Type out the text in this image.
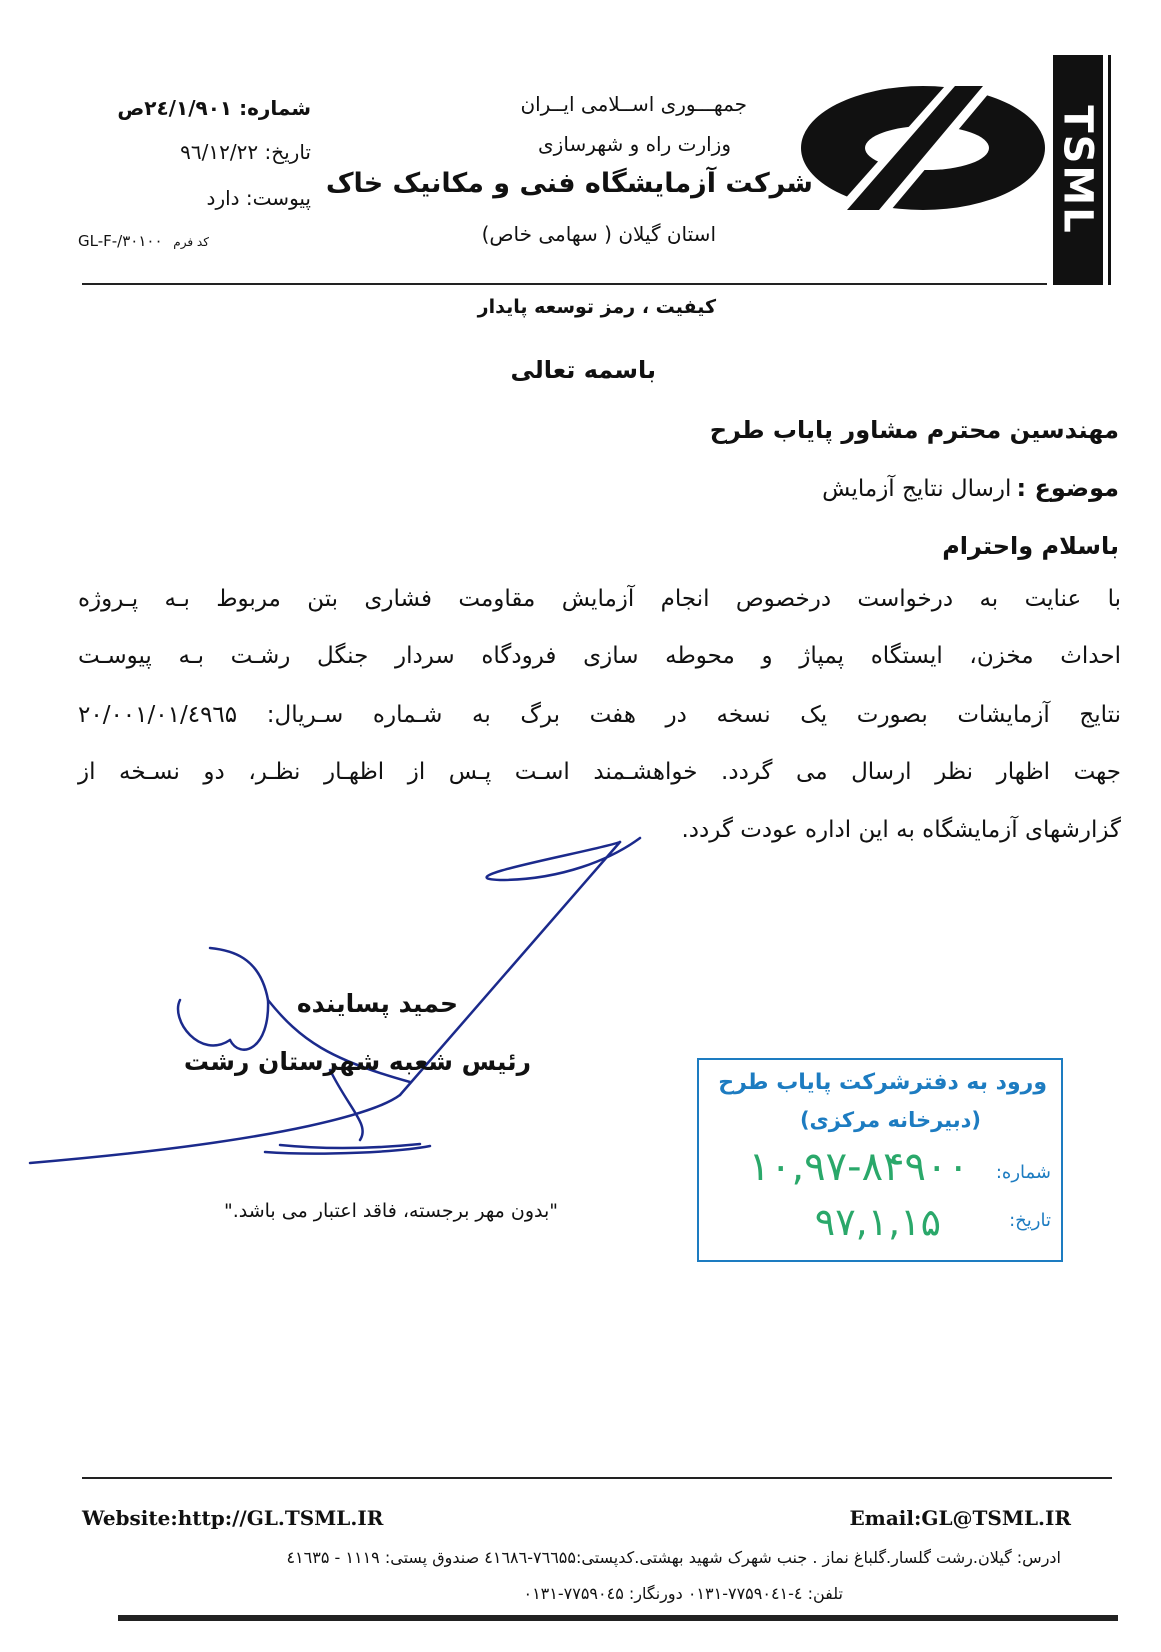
TSML
جمهـــوری اســلامی ایــران
وزارت راه و شهرسازی
شرکت آزمایشگاه فنی و مکانیک خاک
استان گیلان ( سهامی خاص)
شماره: ۲٤/۱/۹۰۱ص
تاریخ: ۹٦/۱۲/۲۲
پیوست: دارد
GL-F-/۳۰۱۰۰ کد فرم
کیفیت ، رمز توسعه پایدار
باسمه تعالی
مهندسین محترم مشاور پایاب طرح
موضوع : ارسال نتایج آزمایش
باسلام واحترام
با عنایت به درخواست درخصوص انجام آزمایش مقاومت فشاری بتن مربوط بـه پـروژه
احداث مخزن، ایستگاه پمپاژ و محوطه سازی فرودگاه سردار جنگل رشـت بـه پیوسـت
نتایج آزمایشات بصورت یک نسخه در هفت برگ به شـماره سـریال: ۲۰/۰۰۱/۰۱/٤۹٦۵
جهت اظهار نظر ارسال می گردد. خواهشـمند اسـت پـس از اظهـار نظـر، دو نسـخه از
گزارشهای آزمایشگاه به این اداره عودت گردد.
حمید پساینده
رئیس شعبه شهرستان رشت
"بدون مهر برجسته، فاقد اعتبار می باشد."
ورود به دفترشرکت پایاب طرح
(دبیرخانه مرکزی)
شماره:
۱۰,۹۷-۸۴۹۰۰
تاریخ:
۹۷,۱,۱۵
Website:http://GL.TSML.IR	Email:GL@TSML.IR
ادرس: گیلان.رشت گلسار.گلباغ نماز . جنب شهرک شهید بهشتی.کدپستی:۷٦٦۵۵-٤۱٦۸٦ صندوق پستی: ۱۱۱۹ - ٤۱٦۳۵
تلفن: ٤-۷۷۵۹۰٤۱-۰۱۳۱ دورنگار: ۷۷۵۹۰٤۵-۰۱۳۱
